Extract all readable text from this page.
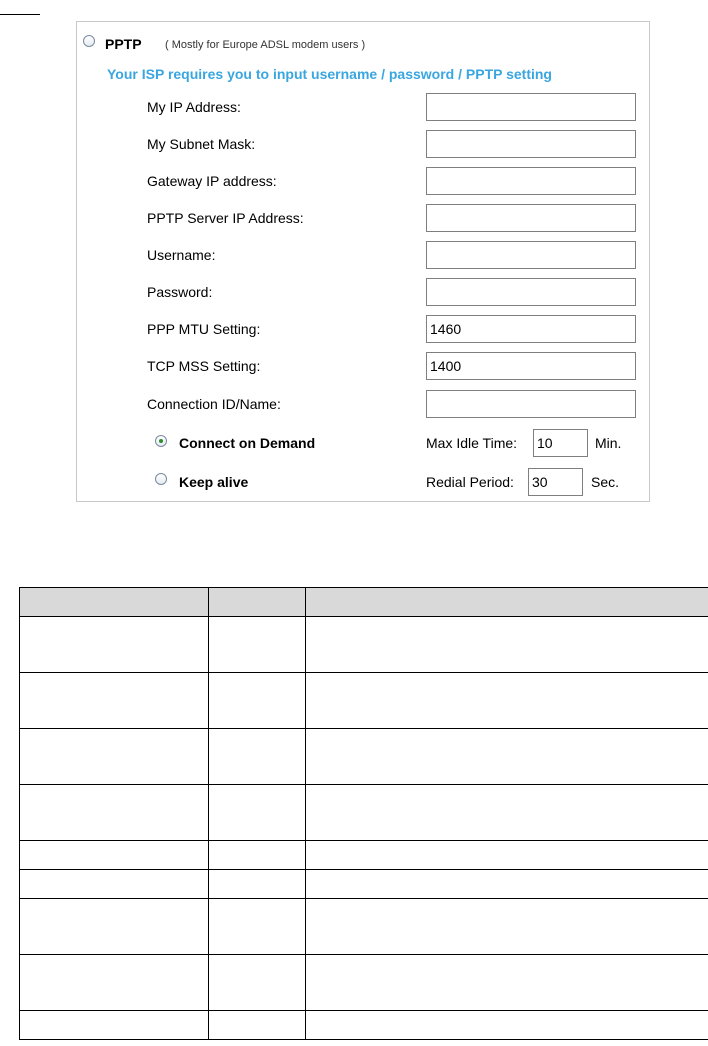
PPTP ( Mostly for Europe ADSL modem users )
Your ISP requires you to input username / password / PPTP setting
My IP Address:
My Subnet Mask:
Gateway IP address:
PPTP Server IP Address:
Username:
Password:
PPP MTU Setting:
1460
TCP MSS Setting:
1400
Connection ID/Name:
Connect on Demand	Max Idle Time:
10	Min.
Keep alive	Redial Period:
30	Sec.
